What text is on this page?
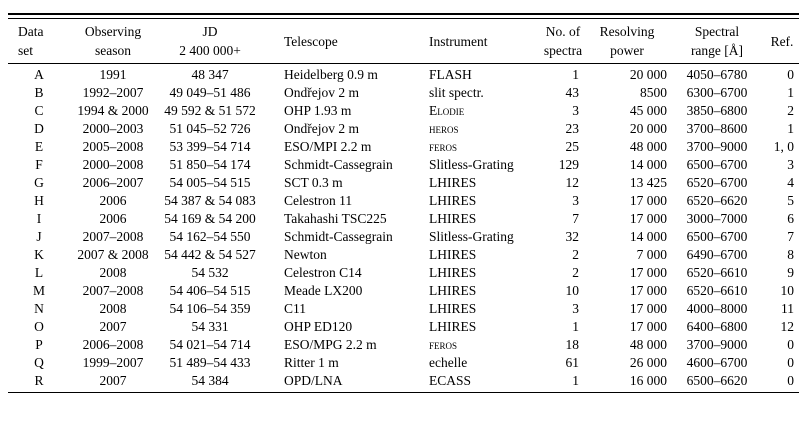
Data
set

Observing
season

JD
2 400 000+

Telescope	Instrument

No. of
spectra

Resolving
power

Spectral
range [Å]

Ref.

A	1991	48 347	Heidelberg 0.9 m	FLASH	1	20 000	4050–6780	0
B	1992–2007	49 049–51 486	Ondřejov 2 m	slit spectr.	43	8500	6300–6700	1
C	1994 & 2000	49 592 & 51 572	OHP 1.93 m	Elodie	3	45 000	3850–6800	2
D	2000–2003	51 045–52 726	Ondřejov 2 m	heros	23	20 000	3700–8600	1
E	2005–2008	53 399–54 714	ESO/MPI 2.2 m	feros	25	48 000	3700–9000	1, 0
F	2000–2008	51 850–54 174	Schmidt-Cassegrain	Slitless-Grating	129	14 000	6500–6700	3
G	2006–2007	54 005–54 515	SCT 0.3 m	LHIRES	12	13 425	6520–6700	4
H	2006	54 387 & 54 083	Celestron 11	LHIRES	3	17 000	6520–6620	5
I	2006	54 169 & 54 200	Takahashi TSC225	LHIRES	7	17 000	3000–7000	6
J	2007–2008	54 162–54 550	Schmidt-Cassegrain	Slitless-Grating	32	14 000	6500–6700	7
K	2007 & 2008	54 442 & 54 527	Newton	LHIRES	2	7 000	6490–6700	8
L	2008	54 532	Celestron C14	LHIRES	2	17 000	6520–6610	9
M	2007–2008	54 406–54 515	Meade LX200	LHIRES	10	17 000	6520–6610	10
N	2008	54 106–54 359	C11	LHIRES	3	17 000	4000–8000	11
O	2007	54 331	OHP ED120	LHIRES	1	17 000	6400–6800	12
P	2006–2008	54 021–54 714	ESO/MPG 2.2 m	feros	18	48 000	3700–9000	0
Q	1999–2007	51 489–54 433	Ritter 1 m	echelle	61	26 000	4600–6700	0
R	2007	54 384	OPD/LNA	ECASS	1	16 000	6500–6620	0
